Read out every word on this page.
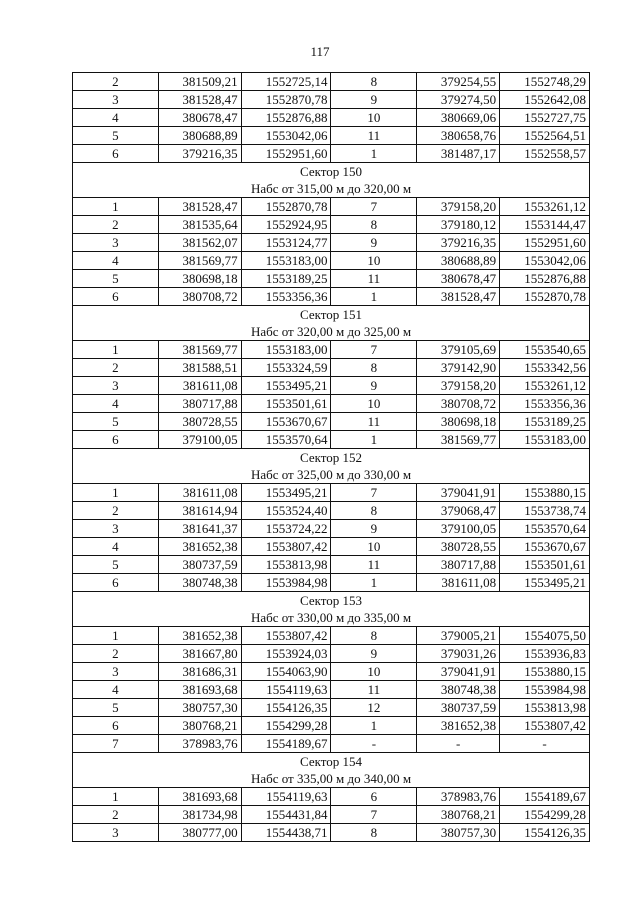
117
2	381509,21	1552725,14	8	379254,55	1552748,29
3	381528,47	1552870,78	9	379274,50	1552642,08
4	380678,47	1552876,88	10	380669,06	1552727,75
5	380688,89	1553042,06	11	380658,76	1552564,51
6	379216,35	1552951,60	1	381487,17	1552558,57
Сектор 150					
Набс от 315,00 м до 320,00 м					
1	381528,47	1552870,78	7	379158,20	1553261,12
2	381535,64	1552924,95	8	379180,12	1553144,47
3	381562,07	1553124,77	9	379216,35	1552951,60
4	381569,77	1553183,00	10	380688,89	1553042,06
5	380698,18	1553189,25	11	380678,47	1552876,88
6	380708,72	1553356,36	1	381528,47	1552870,78
Сектор 151					
Набс от 320,00 м до 325,00 м					
1	381569,77	1553183,00	7	379105,69	1553540,65
2	381588,51	1553324,59	8	379142,90	1553342,56
3	381611,08	1553495,21	9	379158,20	1553261,12
4	380717,88	1553501,61	10	380708,72	1553356,36
5	380728,55	1553670,67	11	380698,18	1553189,25
6	379100,05	1553570,64	1	381569,77	1553183,00
Сектор 152					
Набс от 325,00 м до 330,00 м					
1	381611,08	1553495,21	7	379041,91	1553880,15
2	381614,94	1553524,40	8	379068,47	1553738,74
3	381641,37	1553724,22	9	379100,05	1553570,64
4	381652,38	1553807,42	10	380728,55	1553670,67
5	380737,59	1553813,98	11	380717,88	1553501,61
6	380748,38	1553984,98	1	381611,08	1553495,21
Сектор 153					
Набс от 330,00 м до 335,00 м					
1	381652,38	1553807,42	8	379005,21	1554075,50
2	381667,80	1553924,03	9	379031,26	1553936,83
3	381686,31	1554063,90	10	379041,91	1553880,15
4	381693,68	1554119,63	11	380748,38	1553984,98
5	380757,30	1554126,35	12	380737,59	1553813,98
6	380768,21	1554299,28	1	381652,38	1553807,42
7	378983,76	1554189,67	-	-	-
Сектор 154					
Набс от 335,00 м до 340,00 м					
1	381693,68	1554119,63	6	378983,76	1554189,67
2	381734,98	1554431,84	7	380768,21	1554299,28
3	380777,00	1554438,71	8	380757,30	1554126,35
